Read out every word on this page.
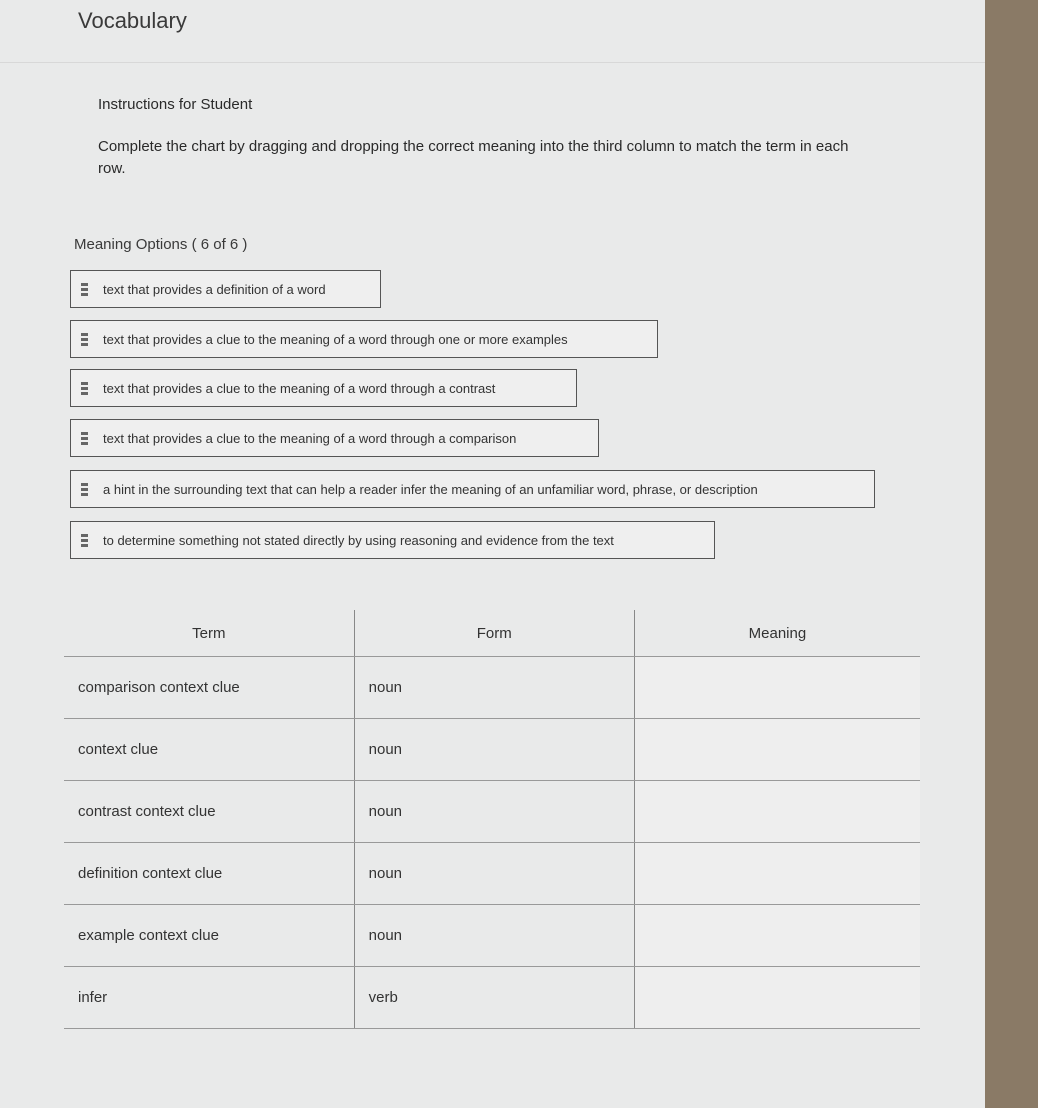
Vocabulary
Instructions for Student
Complete the chart by dragging and dropping the correct meaning into the third column to match the term in each row.
Meaning Options ( 6 of 6 )
text that provides a definition of a word
text that provides a clue to the meaning of a word through one or more examples
text that provides a clue to the meaning of a word through a contrast
text that provides a clue to the meaning of a word through a comparison
a hint in the surrounding text that can help a reader infer the meaning of an unfamiliar word, phrase, or description
to determine something not stated directly by using reasoning and evidence from the text
Term	Form	Meaning
comparison context clue	noun	
context clue	noun	
contrast context clue	noun	
definition context clue	noun	
example context clue	noun	
infer	verb	
